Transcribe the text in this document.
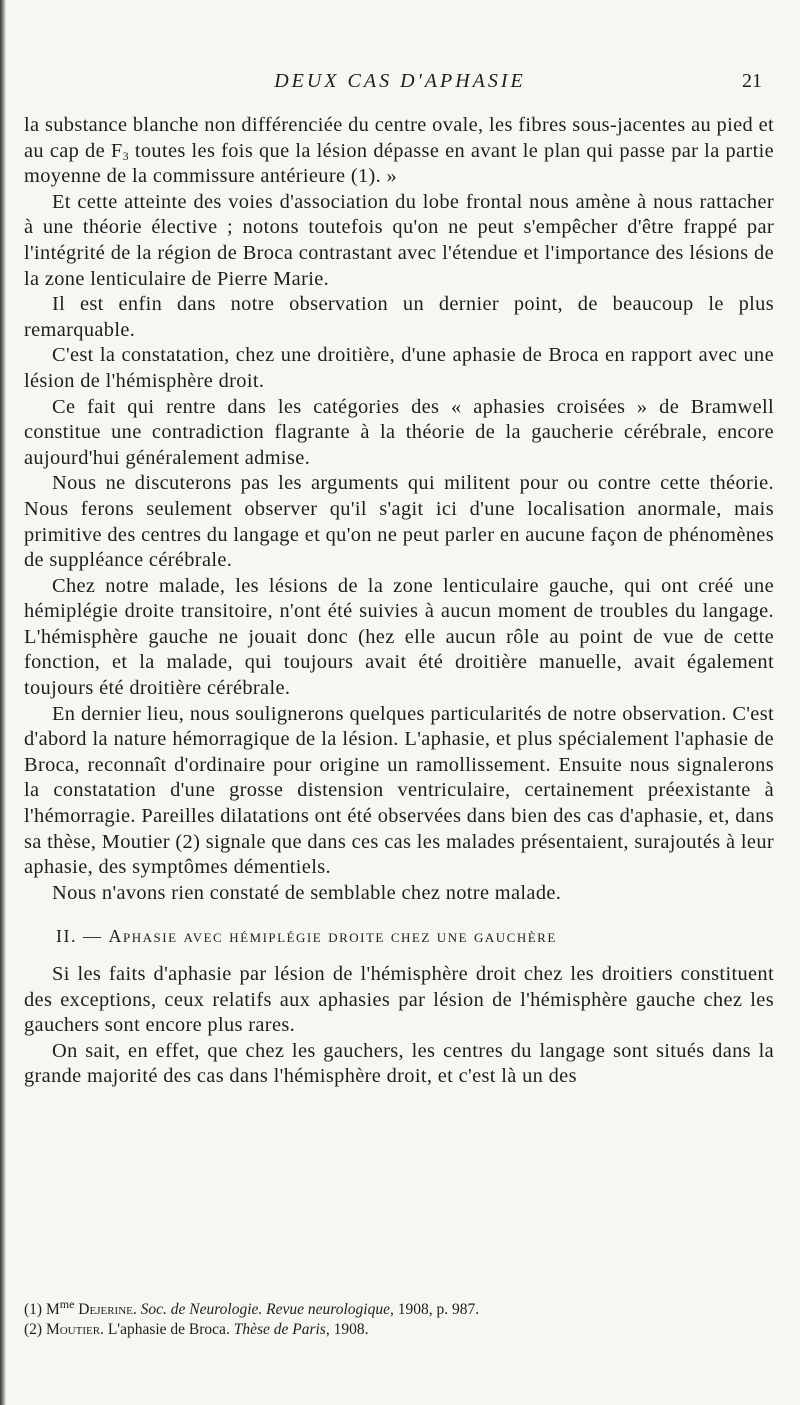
DEUX CAS D'APHASIE	21

la substance blanche non différenciée du centre ovale, les fibres sous-jacentes au pied et au cap de $F_3$ toutes les fois que la lésion dépasse en avant le plan qui passe par la partie moyenne de la commissure antérieure (1). »

Et cette atteinte des voies d'association du lobe frontal nous amène à nous rattacher à une théorie élective ; notons toutefois qu'on ne peut s'empêcher d'être frappé par l'intégrité de la région de Broca contrastant avec l'étendue et l'importance des lésions de la zone lenticulaire de Pierre Marie.

Il est enfin dans notre observation un dernier point, de beaucoup le plus remarquable.

C'est la constatation, chez une droitière, d'une aphasie de Broca en rapport avec une lésion de l'hémisphère droit.

Ce fait qui rentre dans les catégories des « aphasies croisées » de Bramwell constitue une contradiction flagrante à la théorie de la gaucherie cérébrale, encore aujourd'hui généralement admise.

Nous ne discuterons pas les arguments qui militent pour ou contre cette théorie. Nous ferons seulement observer qu'il s'agit ici d'une localisation anormale, mais primitive des centres du langage et qu'on ne peut parler en aucune façon de phénomènes de suppléance cérébrale.

Chez notre malade, les lésions de la zone lenticulaire gauche, qui ont créé une hémiplégie droite transitoire, n'ont été suivies à aucun moment de troubles du langage. L'hémisphère gauche ne jouait donc (hez elle aucun rôle au point de vue de cette fonction, et la malade, qui toujours avait été droitière manuelle, avait également toujours été droitière cérébrale.

En dernier lieu, nous soulignerons quelques particularités de notre observation. C'est d'abord la nature hémorragique de la lésion. L'aphasie, et plus spécialement l'aphasie de Broca, reconnaît d'ordinaire pour origine un ramollissement. Ensuite nous signalerons la constatation d'une grosse distension ventriculaire, certainement préexistante à l'hémorragie. Pareilles dilatations ont été observées dans bien des cas d'aphasie, et, dans sa thèse, Moutier (2) signale que dans ces cas les malades présentaient, surajoutés à leur aphasie, des symptômes démentiels.

Nous n'avons rien constaté de semblable chez notre malade.

II. — Aphasie avec hémiplégie droite chez une gauchère

Si les faits d'aphasie par lésion de l'hémisphère droit chez les droitiers constituent des exceptions, ceux relatifs aux aphasies par lésion de l'hémisphère gauche chez les gauchers sont encore plus rares.

On sait, en effet, que chez les gauchers, les centres du langage sont situés dans la grande majorité des cas dans l'hémisphère droit, et c'est là un des

(1) $M^{me}$ Dejerine. Soc. de Neurologie. Revue neurologique, 1908, p. 987.
(2) Moutier. L'aphasie de Broca. Thèse de Paris, 1908.
